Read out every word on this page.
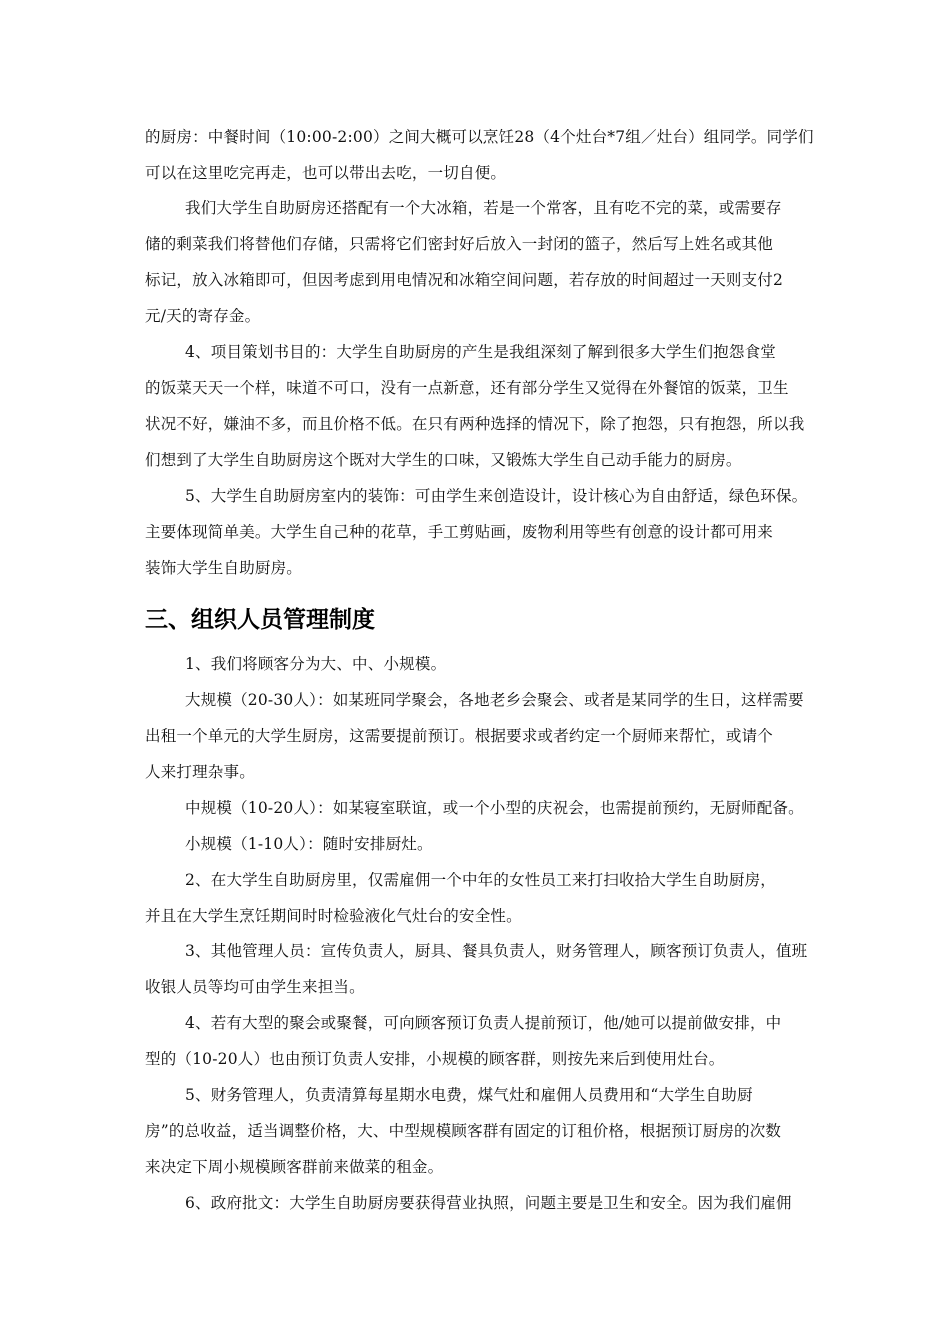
的厨房：中餐时间（10:00-2:00）之间大概可以烹饪28（4个灶台*7组／灶台）组同学。同学们
可以在这里吃完再走，也可以带出去吃，一切自便。
我们大学生自助厨房还搭配有一个大冰箱，若是一个常客，且有吃不完的菜，或需要存
储的剩菜我们将替他们存储，只需将它们密封好后放入一封闭的篮子，然后写上姓名或其他
标记，放入冰箱即可，但因考虑到用电情况和冰箱空间问题，若存放的时间超过一天则支付2
元/天的寄存金。
4、项目策划书目的：大学生自助厨房的产生是我组深刻了解到很多大学生们抱怨食堂
的饭菜天天一个样，味道不可口，没有一点新意，还有部分学生又觉得在外餐馆的饭菜，卫生
状况不好，嫌油不多，而且价格不低。在只有两种选择的情况下，除了抱怨，只有抱怨，所以我
们想到了大学生自助厨房这个既对大学生的口味，又锻炼大学生自己动手能力的厨房。
5、大学生自助厨房室内的装饰：可由学生来创造设计，设计核心为自由舒适，绿色环保。
主要体现简单美。大学生自己种的花草，手工剪贴画，废物利用等些有创意的设计都可用来
装饰大学生自助厨房。
三、组织人员管理制度
1、我们将顾客分为大、中、小规模。
大规模（20-30人）：如某班同学聚会，各地老乡会聚会、或者是某同学的生日，这样需要
出租一个单元的大学生厨房，这需要提前预订。根据要求或者约定一个厨师来帮忙，或请个
人来打理杂事。
中规模（10-20人）：如某寝室联谊，或一个小型的庆祝会，也需提前预约，无厨师配备。
小规模（1-10人）：随时安排厨灶。
2、在大学生自助厨房里，仅需雇佣一个中年的女性员工来打扫收拾大学生自助厨房，
并且在大学生烹饪期间时时检验液化气灶台的安全性。
3、其他管理人员：宣传负责人，厨具、餐具负责人，财务管理人，顾客预订负责人，值班
收银人员等均可由学生来担当。
4、若有大型的聚会或聚餐，可向顾客预订负责人提前预订，他/她可以提前做安排，中
型的（10-20人）也由预订负责人安排，小规模的顾客群，则按先来后到使用灶台。
5、财务管理人，负责清算每星期水电费，煤气灶和雇佣人员费用和“大学生自助厨
房”的总收益，适当调整价格，大、中型规模顾客群有固定的订租价格，根据预订厨房的次数
来决定下周小规模顾客群前来做菜的租金。
6、政府批文：大学生自助厨房要获得营业执照，问题主要是卫生和安全。因为我们雇佣
